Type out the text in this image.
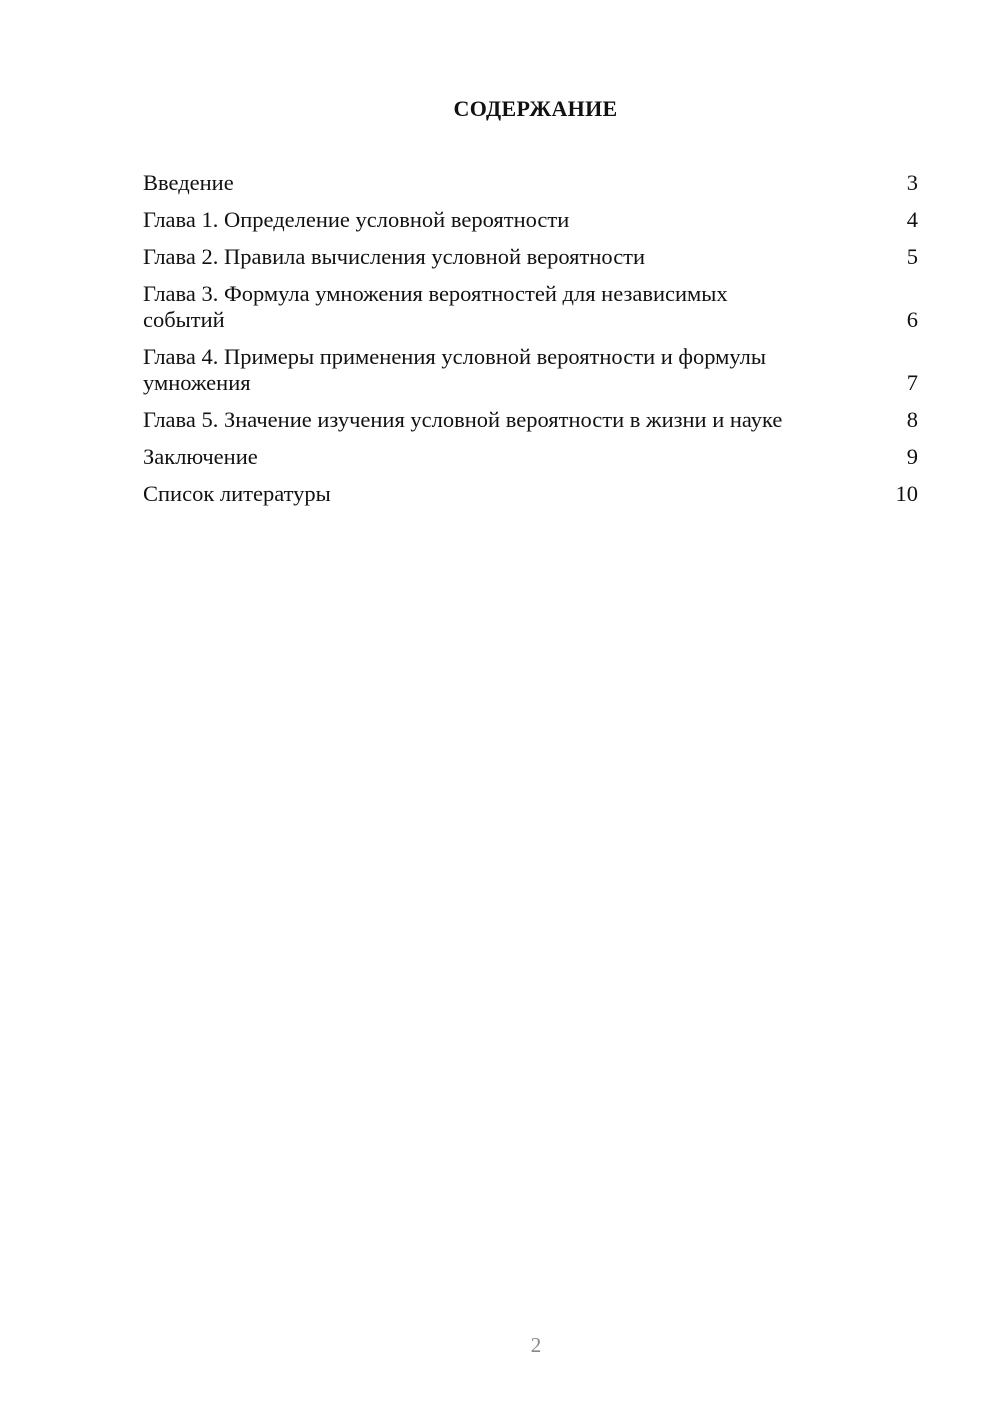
СОДЕРЖАНИЕ
Введение	3
Глава 1. Определение условной вероятности	4
Глава 2. Правила вычисления условной вероятности	5
Глава 3. Формула умножения вероятностей для независимых событий	6
Глава 4. Примеры применения условной вероятности и формулы умножения	7
Глава 5. Значение изучения условной вероятности в жизни и науке	8
Заключение	9
Список литературы	10
2
